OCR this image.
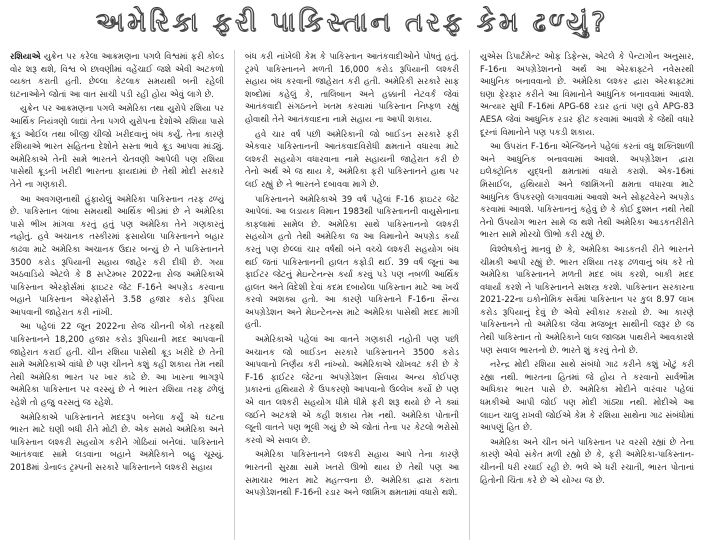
અમેરિકા ફરી પાકિસ્તાન તરફ કેમ ઢળ્યું?

રશિયાએ યુક્રેન પર કરેલા આક્રમણના પગલે વિશ્વમાં ફરી કોલ્ડ વોર શરૂ થશે, વિશ્વ બે છાવણીમાં વહેંચાઈ જશે એવી અટકળો વ્યક્ત કરાતી હતી. છેલ્લા કેટલાક સમયથી બની રહેલી ઘટનાઓને જોતાં આ વાત સાચી પડી રહી હોય એવું લાગે છે.

યુક્રેન પર આક્રમણના પગલે અમેરિકા તથા યુરોપે રશિયા પર આર્થિક નિયંત્રણો લાદ્યાં તેના પગલે યુરોપના દેશોએ રશિયા પાસે ક્રૂડ ઓઈલ તથા બીજી ચીજો ખરીદવાનું બંધ કર્યું. તેના કારણે રશિયાએ ભારત સહિતના દેશોને સસ્તા ભાવે ક્રૂડ આપવા માંડ્યું. અમેરિકાએ તેની સામે ભારતને ચેતવણી આપેલી પણ રશિયા પાસેથી ક્રૂડની ખરીદી ભારતના ફાયદામાં છે તેથી મોદી સરકારે તેને ના ગણકારી.

આ અવગણનાથી હુંફાયેલું અમેરિકા પાકિસ્તાન તરફ ઢળ્યું છે. પાકિસ્તાન લાંબા સમયથી આર્થિક ભીડમાં છે ને અમેરિકા પાસે ભીખ માંગવા કરતું હતું પણ અમેરિકા તેને ગણકારતું નહોતું. હવે અચાનક તસ્કીરમાં ફસાયેલા પાકિસ્તાનને બહાર કાઢવા માટે અમેરિકા અચાનક ઉદાર બન્યું છે ને પાકિસ્તાનને 3500 કરોડ રૂપિયાની સહાય જાહેર કરી દીધી છે. ગયા અઠવાડિયે એટલે કે 8 સપ્ટેમ્બર 2022ના રોજ અમેરિકાએ પાકિસ્તાન એરફોર્સમાં ફાઇટર જેટ F-16ને અપગ્રેડ કરવાના બહાને પાકિસ્તાન એરફોર્સને 3.58 હજાર કરોડ રૂપિયા આપવાની જાહેરાત કરી નાંખી.

આ પહેલાં 22 જૂન 2022ના રોજ ચીનની બેંકો તરફથી પાકિસ્તાનને 18,200 હજાર કરોડ રૂપિયાની મદદ આપવાની જાહેરાત કરાઈ હતી. ચીન રશિયા પાસેથી ક્રૂડ ખરીદે છે તેની સામે અમેરિકાએ વાંધો છે પણ ચીનને કશું કહી શકાય તેમ નથી તેથી અમેરિકા ભારત પર ખાર કાઢે છે. આ ખારના ભાગરૂપે અમેરિકા પાકિસ્તાન પર વરસ્યું છે ને ભારત રશિયા તરફ ઢળેલું રહેશે તો હજુ વરસતું જ રહેશે.

અમેરિકાએ પાકિસ્તાનને મદદરૂપ બનેલા કર્યું એ ઘટના ભારત માટે ઘણી બધી રીતે મોટી છે. એક સમયે અમેરિકા અને પાકિસ્તાન લશ્કરી સહયોગ કરીને ગોઠિયાં બનેલાં. પાકિસ્તાને આતંકવાદ સામે લડવાના બહાને અમેરિકાને બહુ ચૂસ્યું. 2018માં ડોનાલ્ડ ટ્રમ્પની સરકારે પાકિસ્તાનને લશ્કરી સહાય

બંધ કરી નાંખેલી કેમ કે પાકિસ્તાન આતંકવાદીઓને પોષતું હતું. ટ્રમ્પે પાકિસ્તાનને મળતી 16,000 કરોડ રૂપિયાની લશ્કરી સહાય બંધ કરવાની જાહેરાત કરી હતી. અમેરિકી સરકારે સાફ શબ્દોમાં કહેલું કે, તાલિબાન અને હક્કાની નેટવર્ક જેવાં આતંકવાદી સંગઠનને ખતમ કરવામાં પાકિસ્તાન નિષ્ફળ રહ્યું હોવાથી તેને આતંકવાદના નામે સહાય ના આપી શકાય.

હવે ચાર વર્ષ પછી અમેરિકાની જો બાઈડન સરકારે ફરી એકવાર પાકિસ્તાનની આતંકવાદવિરોધી ક્ષમતાને વધારવા માટે લશ્કરી સહયોગ વધારવાના નામે સહાયની જાહેરાત કરી છે તેનો અર્થ એ જ થાય કે, અમેરિકા ફરી પાકિસ્તાનને હાથ પર લઈ રહ્યું છે ને ભારતને દબાવવા માગે છે.

પાકિસ્તાનને અમેરિકાએ 39 વર્ષ પહેલાં F-16 ફાઇટર જેટ આપેલાં. આ લડાયક વિમાન 1983થી પાકિસ્તાનની વાયુસેનાના કાફલામાં સામેલ છે. અમેરિકા સાથે પાકિસ્તાનનો લશ્કરી સહયોગ હતો તેથી અમેરિકા જ આ વિમાનોને અપગ્રેડ કર્યા કરતું પણ છેલ્લાં ચાર વર્ષથી બંને વચ્ચે લશ્કરી સહયોગ બંધ થઈ જતાં પાકિસ્તાનની હાલત કફોડી થઈ. 39 વર્ષ જૂનાં આ ફાઈટર જેટનું મેઇન્ટેનન્સ કર્યા કરવું પડે પણ નબળી આર્થિક હાલત અને વિદેશી દેવાં કદમ દબાયેલા પાકિસ્તાન માટે આ ખર્ચ કરવો અશક્ય હતો. આ કારણે પાકિસ્તાને F-16ના સૈન્ય અપગ્રેડેશન અને મેઇન્ટેનન્સ માટે અમેરિકા પાસેથી મદદ માગી હતી.

અમેરિકાએ પહેલાં આ વાતને ગણકારી નહોતી પણ પછી અચાનક જો બાઈડન સરકારે પાકિસ્તાનને 3500 કરોડ આપવાનો નિર્ણય કરી નાંખ્યો. અમેરિકાએ ચોખવટ કરી છે કે F-16 ફાઈટર જેટના અપગ્રેડેશન સિવાય અન્ય કોઈપણ પ્રકારનાં હથિયારો કે ઉપકરણો આપવાનો ઉલ્લેખ કર્યો છે પણ એ વાત લશ્કરી સહયોગ ધીમે ધીમે ફરી શરૂ થયો છે ને ક્યાં જઈને અટકશે એ કહી શકાય તેમ નથી. અમેરિકા પોતાની જૂની વાતને પણ ભૂલી ગયું છે એ જોતાં તેના પર કેટલો ભરોસો કરવો એ સવાલ છે.

અમેરિકા પાકિસ્તાનને લશ્કરી સહાય આપે તેના કારણે ભારતની સુરક્ષા સામે ખતરો ઊભો થાય છે તેથી પણ આ સમાચાર ભારત માટે મહત્ત્વના છે. અમેરિકા દ્વારા કરાતા અપગ્રેડેશનથી F-16ની રડાર અને જામિંગ ક્ષમતામાં વધારો થશે.

યુએસ ડિપાર્ટમેન્ટ ઓફ ડિફેન્સ, એટલે કે પેન્ટાગોન અનુસાર, F-16ના અપગ્રેડેશનનો અર્થ આ એરક્રાફ્ટને નવેસરથી આધુનિક બનાવવાનો છે. અમેરિકા લશ્કર દ્વારા એરક્રાફ્ટમાં ઘણા ફેરફાર કરીને આ વિમાનોને આધુનિક બનાવવામાં આવશે. અત્યાર સુધી F-16માં APG-68 રડાર હતાં પણ હવે APG-83 AESA જેવાં આધુનિક રડાર ફીટ કરવામાં આવશે કે જેથી વધારે દૂરનાં વિમાનોને પણ પકડી શકાય.

આ ઉપરાંત F-16ના એન્જિનને પહેલાં કરતાં વધુ શક્તિશાળી અને આધુનિક બનાવવામાં આવશે. અપગ્રેડેશન દ્વારા ઇલેક્ટ્રોનિક યુદ્ધની ક્ષમતામાં વધારો કરાશે. એક-16માં મિસાઈલ, હથિયારો અને જામિંગની ક્ષમતા વધારવા માટે આધુનિક ઉપકરણો લગાવવામાં આવશે અને સોફ્ટવેરને અપગ્રેડ કરવામાં આવશે. પાકિસ્તાનનું કહેવું છે કે કોઈ દુશ્મન નથી તેથી તેનો ઉપયોગ ભારત સામે જ થશે તેથી અમેરિકા આડકતરીરીતે ભારત સામે મોરચો ઊભો કરી રહ્યું છે.

વિશ્લેષકોનું માનવું છે કે, અમેરિકા આડકતરી રીતે ભારતને ચીમકી આપી રહ્યું છે. ભારત રશિયા તરફ ઢળવાનું બંધ કરે તો અમેરિકા પાકિસ્તાનને મળતી મદદ બંધ કરશે, બાકી મદદ વધાર્યા કરશે ને પાકિસ્તાનને સશસ્ત્ર કરશે. પાકિસ્તાન સરકારના 2021-22ના ઇકોનોમિક સર્વેમાં પાકિસ્તાન પર કુલ 8.97 લાખ કરોડ રૂપિયાનું દેવું છે એવો સ્વીકાર કરાયો છે. આ કારણે પાકિસ્તાનને તો અમેરિકા જેવા મજબૂત સાથીની જરૂર છે જ તેથી પાકિસ્તાન તો અમેરિકાને લાલ જાજમ પાથરીને આવકારશે પણ સવાલ ભારતનો છે. ભારતે શું કરવું તેનો છે.

નરેન્દ્ર મોદી રશિયા સાથે સંબંધો ગાઢ કરીને કશું ખોટું કરી રહ્યા નથી. ભારતના હિતમાં જે હોય તે કરવાનો સાર્વભૌમ અધિકાર ભારત પાસે છે. અમેરિકા મોદીને વારંવાર પહેલાં ધમકીઓ આપી જોઈ પણ મોદી ગાંઠ્યા નથી. મોદીએ આ લાઇન ચાલુ રાખવી જોઈએ કેમ કે રશિયા સાથેના ગાઢ સંબંધોમાં આપણું હિત છે.

અમેરિકા અને ચીન બંને પાકિસ્તાન પર વરસી રહ્યાં છે તેના કારણે એવો સંકેત મળી રહ્યો છે કે, ફરી અમેરિકા-પાકિસ્તાન-ચીનની ધરી રચાઈ રહી છે. ભલે એ ધરી રચાતી, ભારત પોતાનાં હિતોની ચિંતા કરે છે એ યોગ્ય જ છે.
